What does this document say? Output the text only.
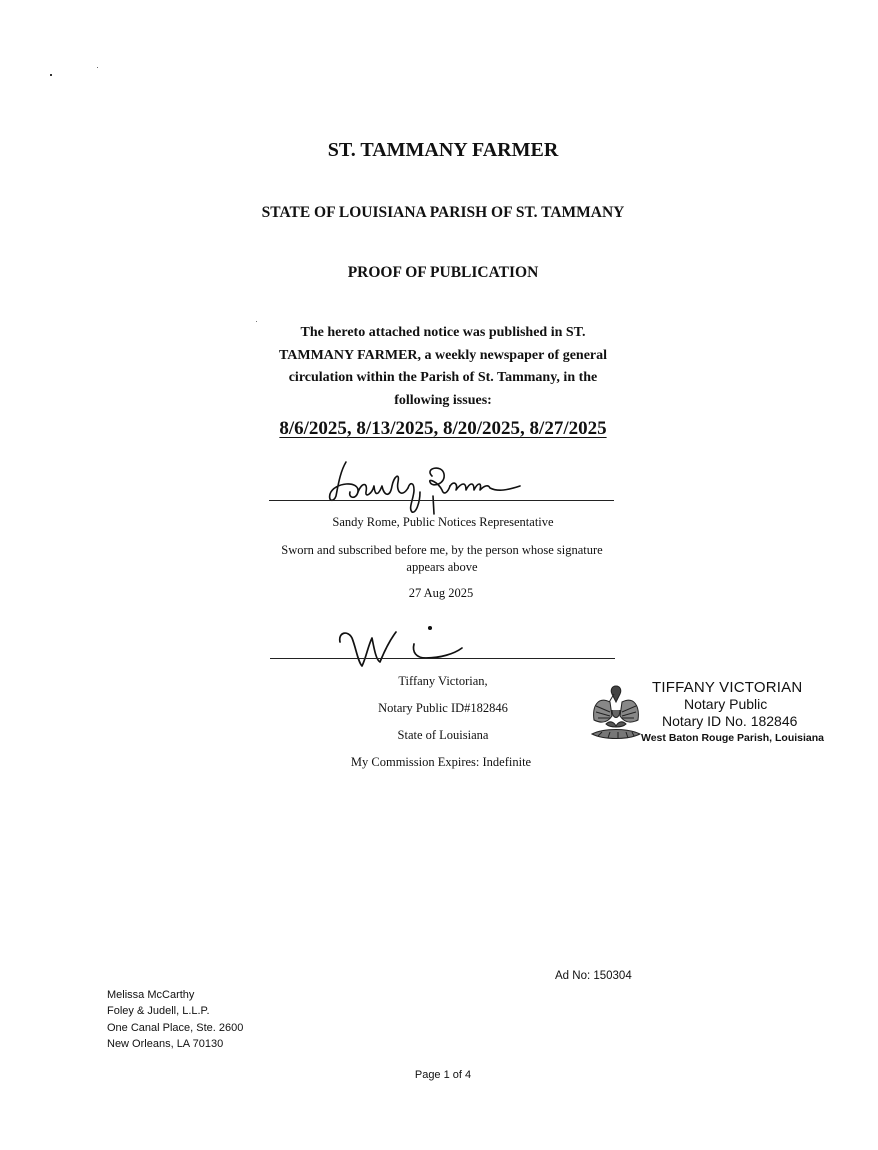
ST. TAMMANY FARMER
STATE OF LOUISIANA PARISH OF ST. TAMMANY
PROOF OF PUBLICATION
The hereto attached notice was published in ST.
TAMMANY FARMER, a weekly newspaper of general
circulation within the Parish of St. Tammany, in the
following issues:
8/6/2025, 8/13/2025, 8/20/2025, 8/27/2025
Sandy Rome, Public Notices Representative
Sworn and subscribed before me, by the person whose signature
appears above
27 Aug 2025
Tiffany Victorian,
Notary Public ID#182846
State of Louisiana
My Commission Expires: Indefinite
TIFFANY VICTORIAN
Notary Public
Notary ID No. 182846
West Baton Rouge Parish, Louisiana
Ad No: 150304
Melissa McCarthy
Foley & Judell, L.L.P.
One Canal Place, Ste. 2600
New Orleans, LA 70130
Page 1 of 4
